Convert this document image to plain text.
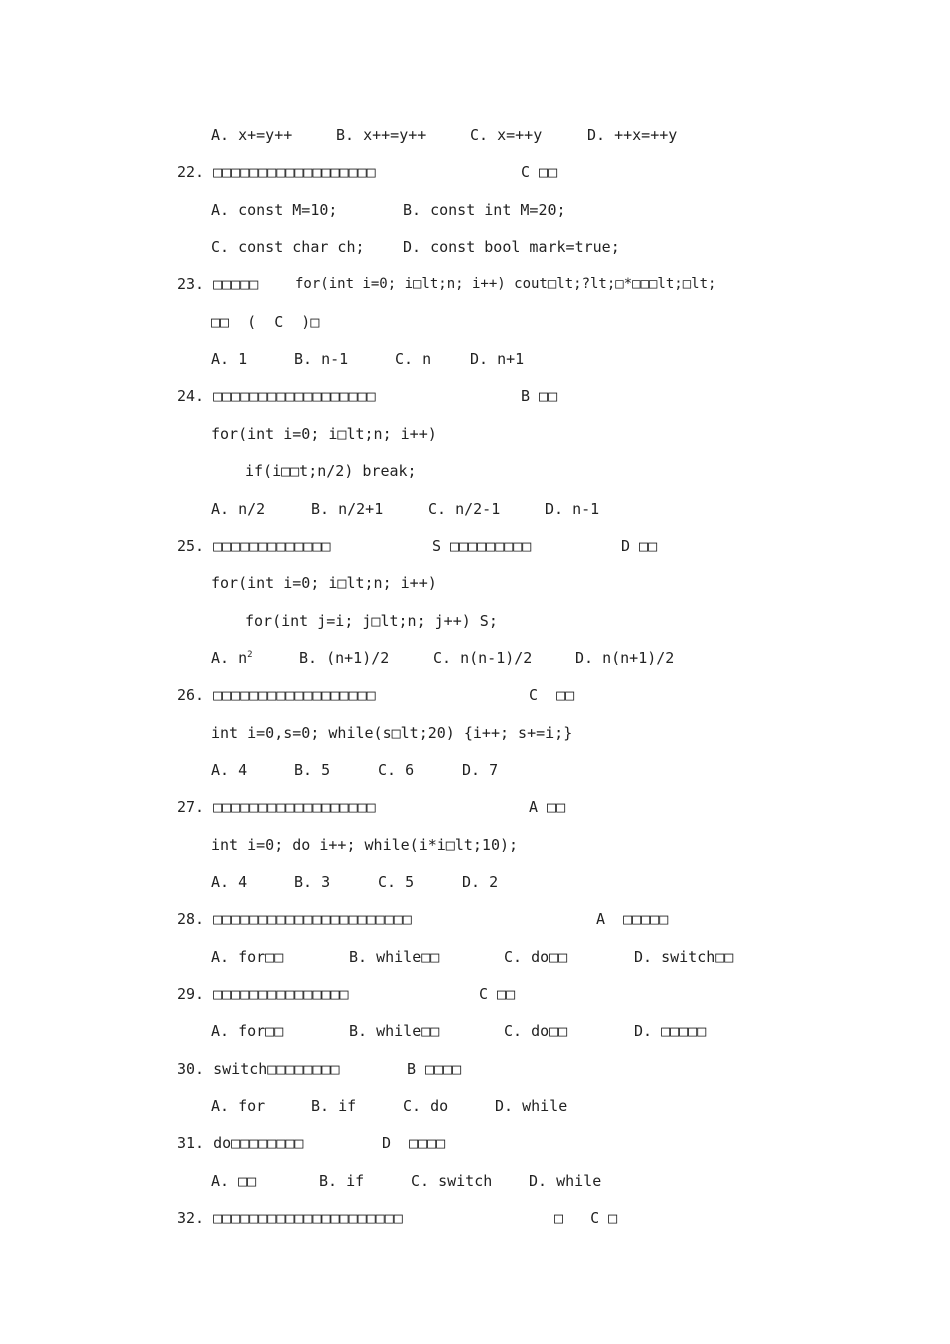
A. x+=y++

	B. x++=y++

	C. x=++y

	D. ++x=++y

22. □□□□□□□□□□□□□□□□□□

	C □□

A. const M=10;

	B. const int M=20;

C. const char ch;

	D. const bool mark=true;

23. □□□□□

	for(int i=0; i□lt;n; i++) cout□lt;?lt;□*□□□lt;□lt;

□□  (  C  )□

A. 1

	B. n-1

	C. n

	D. n+1

24. □□□□□□□□□□□□□□□□□□

	B □□

for(int i=0; i□lt;n; i++)

if(i□□t;n/2) break;

A. n/2

	B. n/2+1

	C. n/2-1

	D. n-1

25. □□□□□□□□□□□□□

	S □□□□□□□□□

	D □□

for(int i=0; i□lt;n; i++)

for(int j=i; j□lt;n; j++) S;

A. $n^2$

	B. (n+1)/2

	C. n(n-1)/2

	D. n(n+1)/2

26. □□□□□□□□□□□□□□□□□□

	C  □□

int i=0,s=0; while(s□lt;20) {i++; s+=i;}

A. 4

	B. 5

	C. 6

	D. 7

27. □□□□□□□□□□□□□□□□□□

	A □□

int i=0; do i++; while(i*i□lt;10);

A. 4

	B. 3

	C. 5

	D. 2

28. □□□□□□□□□□□□□□□□□□□□□□

	A  □□□□□

A. for□□

	B. while□□

	C. do□□

	D. switch□□

29. □□□□□□□□□□□□□□□

	C □□

A. for□□

	B. while□□

	C. do□□

	D. □□□□□

30. switch□□□□□□□□

	B □□□□

A. for

	B. if

	C. do

	D. while

31. do□□□□□□□□

	D  □□□□

A. □□

	B. if

	C. switch

D. while

32. □□□□□□□□□□□□□□□□□□□□□

	□   C □
